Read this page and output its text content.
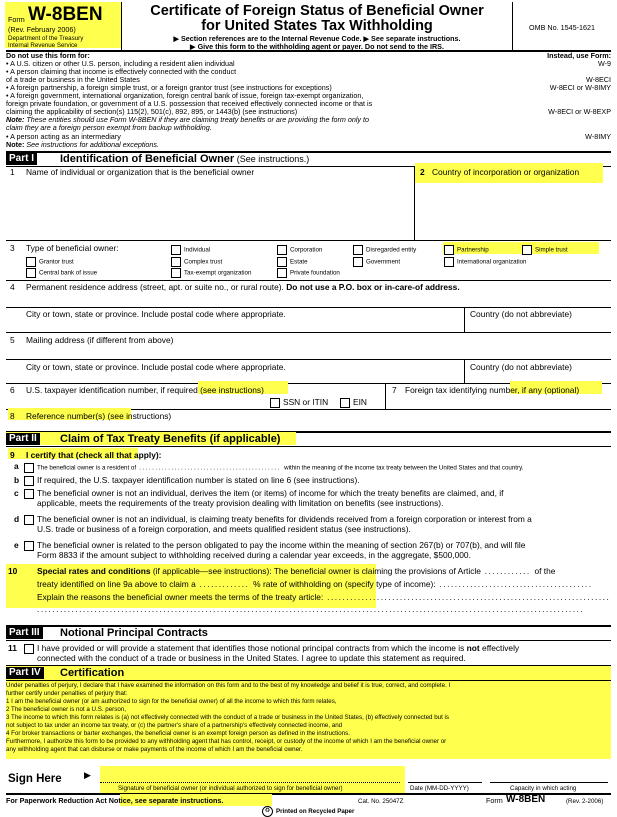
Form W-8BEN
(Rev. February 2006)
Department of the Treasury
Internal Revenue Service
Certificate of Foreign Status of Beneficial Owner
for United States Tax Withholding
▶ Section references are to the Internal Revenue Code. ▶ See separate instructions.
▶ Give this form to the withholding agent or payer. Do not send to the IRS.
OMB No. 1545-1621
Do not use this form for:	Instead, use Form:
• A U.S. citizen or other U.S. person, including a resident alien individual	W-9
• A person claiming that income is effectively connected with the conduct
of a trade or business in the United States	W-8ECI
• A foreign partnership, a foreign simple trust, or a foreign grantor trust (see instructions for exceptions)	W-8ECI or W-8IMY
• A foreign government, international organization, foreign central bank of issue, foreign tax-exempt organization,
foreign private foundation, or government of a U.S. possession that received effectively connected income or that is
claiming the applicability of section(s) 115(2), 501(c), 892, 895, or 1443(b) (see instructions)	W-8ECI or W-8EXP
Note: These entities should use Form W-8BEN if they are claiming treaty benefits or are providing the form only to
claim they are a foreign person exempt from backup withholding.
• A person acting as an intermediary	W-8IMY
Note: See instructions for additional exceptions.
Part I Identification of Beneficial Owner (See instructions.)
1 Name of individual or organization that is the beneficial owner	2 Country of incorporation or organization
3 Type of beneficial owner:	Individual	Corporation	Disregarded entity	Partnership	Simple trust
Grantor trust	Complex trust	Estate	Government	International organization
Central bank of issue	Tax-exempt organization	Private foundation
4 Permanent residence address (street, apt. or suite no., or rural route). Do not use a P.O. box or in-care-of address.
City or town, state or province. Include postal code where appropriate.	Country (do not abbreviate)
5 Mailing address (if different from above)
City or town, state or province. Include postal code where appropriate.	Country (do not abbreviate)
6 U.S. taxpayer identification number, if required (see instructions)
SSN or ITIN	EIN
7 Foreign tax identifying number, if any (optional)
8 Reference number(s) (see instructions)
Part II Claim of Tax Treaty Benefits (if applicable)
9 I certify that (check all that apply):
a	The beneficial owner is a resident of ............................................ within the meaning of the income tax treaty between the United States and that country.
b	If required, the U.S. taxpayer identification number is stated on line 6 (see instructions).
c	The beneficial owner is not an individual, derives the item (or items) of income for which the treaty benefits are claimed, and, if
applicable, meets the requirements of the treaty provision dealing with limitation on benefits (see instructions).
d	The beneficial owner is not an individual, is claiming treaty benefits for dividends received from a foreign corporation or interest from a
U.S. trade or business of a foreign corporation, and meets qualified resident status (see instructions).
e	The beneficial owner is related to the person obligated to pay the income within the meaning of section 267(b) or 707(b), and will file
Form 8833 if the amount subject to withholding received during a calendar year exceeds, in the aggregate, $500,000.
10 Special rates and conditions (if applicable—see instructions): The beneficial owner is claiming the provisions of Article ............ of the
treaty identified on line 9a above to claim a ............. % rate of withholding on (specify type of income): ........................................
Explain the reasons the beneficial owner meets the terms of the treaty article: ..........................................................................
...............................................................................................................................................
Part III Notional Principal Contracts
11	I have provided or will provide a statement that identifies those notional principal contracts from which the income is not effectively
connected with the conduct of a trade or business in the United States. I agree to update this statement as required.
Part IV Certification
Under penalties of perjury, I declare that I have examined the information on this form and to the best of my knowledge and belief it is true, correct, and complete. I
further certify under penalties of perjury that:
1 I am the beneficial owner (or am authorized to sign for the beneficial owner) of all the income to which this form relates,
2 The beneficial owner is not a U.S. person,
3 The income to which this form relates is (a) not effectively connected with the conduct of a trade or business in the United States, (b) effectively connected but is
not subject to tax under an income tax treaty, or (c) the partner's share of a partnership's effectively connected income, and
4 For broker transactions or barter exchanges, the beneficial owner is an exempt foreign person as defined in the instructions.
Furthermore, I authorize this form to be provided to any withholding agent that has control, receipt, or custody of the income of which I am the beneficial owner or
any withholding agent that can disburse or make payments of the income of which I am the beneficial owner.
Sign Here ▶
Signature of beneficial owner (or individual authorized to sign for beneficial owner)	Date (MM-DD-YYYY)	Capacity in which acting
For Paperwork Reduction Act Notice, see separate instructions.	Cat. No. 25047Z	Form W-8BEN	(Rev. 2-2006)
♻ Printed on Recycled Paper
